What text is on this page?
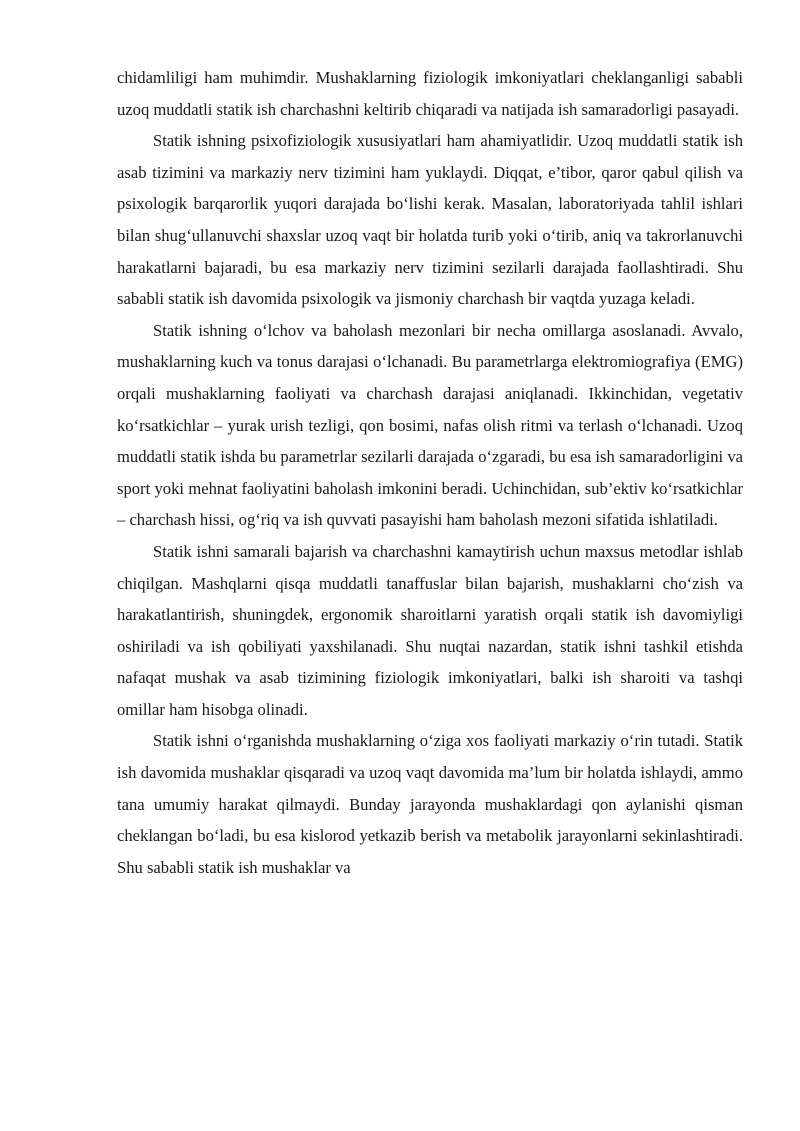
chidamliligi ham muhimdir. Mushaklarning fiziologik imkoniyatlari cheklanganligi sababli uzoq muddatli statik ish charchashni keltirib chiqaradi va natijada ish samaradorligi pasayadi.

Statik ishning psixofiziologik xususiyatlari ham ahamiyatlidir. Uzoq muddatli statik ish asab tizimini va markaziy nerv tizimini ham yuklaydi. Diqqat, e’tibor, qaror qabul qilish va psixologik barqarorlik yuqori darajada bo‘lishi kerak. Masalan, laboratoriyada tahlil ishlari bilan shug‘ullanuvchi shaxslar uzoq vaqt bir holatda turib yoki o‘tirib, aniq va takrorlanuvchi harakatlarni bajaradi, bu esa markaziy nerv tizimini sezilarli darajada faollashtiradi. Shu sababli statik ish davomida psixologik va jismoniy charchash bir vaqtda yuzaga keladi.

Statik ishning o‘lchov va baholash mezonlari bir necha omillarga asoslanadi. Avvalo, mushaklarning kuch va tonus darajasi o‘lchanadi. Bu parametrlarga elektromiografiya (EMG) orqali mushaklarning faoliyati va charchash darajasi aniqlanadi. Ikkinchidan, vegetativ ko‘rsatkichlar – yurak urish tezligi, qon bosimi, nafas olish ritmi va terlash o‘lchanadi. Uzoq muddatli statik ishda bu parametrlar sezilarli darajada o‘zgaradi, bu esa ish samaradorligini va sport yoki mehnat faoliyatini baholash imkonini beradi. Uchinchidan, sub’ektiv ko‘rsatkichlar – charchash hissi, og‘riq va ish quvvati pasayishi ham baholash mezoni sifatida ishlatiladi.

Statik ishni samarali bajarish va charchashni kamaytirish uchun maxsus metodlar ishlab chiqilgan. Mashqlarni qisqa muddatli tanaffuslar bilan bajarish, mushaklarni cho‘zish va harakatlantirish, shuningdek, ergonomik sharoitlarni yaratish orqali statik ish davomiyligi oshiriladi va ish qobiliyati yaxshilanadi. Shu nuqtai nazardan, statik ishni tashkil etishda nafaqat mushak va asab tizimining fiziologik imkoniyatlari, balki ish sharoiti va tashqi omillar ham hisobga olinadi.

Statik ishni o‘rganishda mushaklarning o‘ziga xos faoliyati markaziy o‘rin tutadi. Statik ish davomida mushaklar qisqaradi va uzoq vaqt davomida ma’lum bir holatda ishlaydi, ammo tana umumiy harakat qilmaydi. Bunday jarayonda mushaklardagi qon aylanishi qisman cheklangan bo‘ladi, bu esa kislorod yetkazib berish va metabolik jarayonlarni sekinlashtiradi. Shu sababli statik ish mushaklar va
